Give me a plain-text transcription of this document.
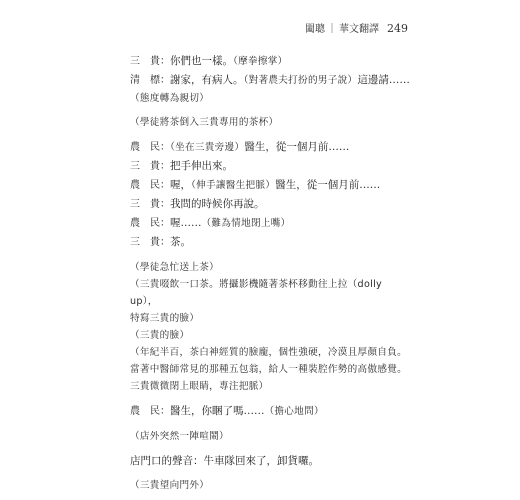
闔聰 ｜ 華文翻譯 249
三　貴：你們也一樣。（摩拳擦掌）
清　標：謝家，有病人。（對著農夫打扮的男子說）這邊請……
（態度轉為親切）
（學徒將茶倒入三貴專用的茶杯）
農　民：（坐在三貴旁邊）醫生，從一個月前……
三　貴：把手伸出來。
農　民：喔，（伸手讓醫生把脈）醫生，從一個月前……
三　貴：我問的時候你再說。
農　民：喔……（難為情地閉上嘴）
三　貴：茶。
（學徒急忙送上茶）
（三貴啜飲一口茶。將攝影機隨著茶杯移動往上拉（dolly up），
特寫三貴的臉）
（三貴的臉）
（年紀半百，茶白神經質的臉龐，個性強硬，冷漠且厚顏自負。
當著中醫師常見的那種五包翁，給人一種裝腔作勢的高傲感覺。
三貴微微閉上眼睛，專注把脈）
農　民：醫生，你睏了嗎……（擔心地問）
（店外突然一陣喧鬧）
店門口的聲音：牛車隊回來了，卸貨囉。
（三貴望向門外）
